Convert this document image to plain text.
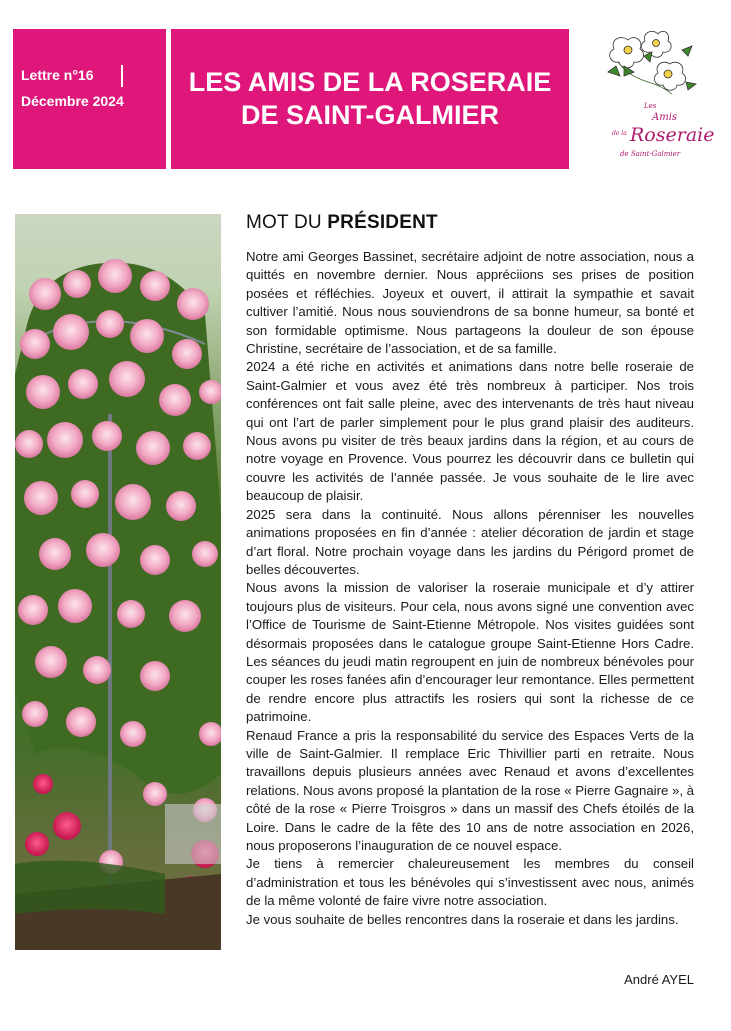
Lettre n°16
Décembre 2024
LES AMIS DE LA ROSERAIE
DE SAINT-GALMIER	Les
Amis
de la Roseraie
de Saint-Galmier
MOT DU PRÉSIDENT

Notre ami Georges Bassinet, secrétaire adjoint de notre association, nous a quittés en novembre dernier. Nous appréciions ses prises de position posées et réfléchies. Joyeux et ouvert, il attirait la sympathie et savait cultiver l’amitié. Nous nous souviendrons de sa bonne humeur, sa bonté et son formidable optimisme. Nous partageons la douleur de son épouse Christine, secrétaire de l’association, et de sa famille.

2024 a été riche en activités et animations dans notre belle roseraie de Saint-Galmier et vous avez été très nombreux à participer. Nos trois conférences ont fait salle pleine, avec des intervenants de très haut niveau qui ont l’art de parler simplement pour le plus grand plaisir des auditeurs. Nous avons pu visiter de très beaux jardins dans la région, et au cours de notre voyage en Provence. Vous pourrez les découvrir dans ce bulletin qui couvre les activités de l’année passée. Je vous souhaite de le lire avec beaucoup de plaisir.

2025 sera dans la continuité. Nous allons pérenniser les nouvelles animations proposées en fin d’année : atelier décoration de jardin et stage d’art floral. Notre prochain voyage dans les jardins du Périgord promet de belles découvertes.

Nous avons la mission de valoriser la roseraie municipale et d’y attirer toujours plus de visiteurs. Pour cela, nous avons signé une convention avec l’Office de Tourisme de Saint-Etienne Métropole. Nos visites guidées sont désormais proposées dans le catalogue groupe Saint-Etienne Hors Cadre. Les séances du jeudi matin regroupent en juin de nombreux bénévoles pour couper les roses fanées afin d’encourager leur remontance. Elles permettent de rendre encore plus attractifs les rosiers qui sont la richesse de ce patrimoine.

Renaud France a pris la responsabilité du service des Espaces Verts de la ville de Saint-Galmier. Il remplace Eric Thivillier parti en retraite. Nous travaillons depuis plusieurs années avec Renaud et avons d’excellentes relations. Nous avons proposé la plantation de la rose « Pierre Gagnaire », à côté de la rose « Pierre Troisgros » dans un massif des Chefs étoilés de la Loire. Dans le cadre de la fête des 10 ans de notre association en 2026, nous proposerons l’inauguration de ce nouvel espace.

Je tiens à remercier chaleureusement les membres du conseil d’administration et tous les bénévoles qui s’investissent avec nous, animés de la même volonté de faire vivre notre association.

Je vous souhaite de belles rencontres dans la roseraie et dans les jardins.

André AYEL
